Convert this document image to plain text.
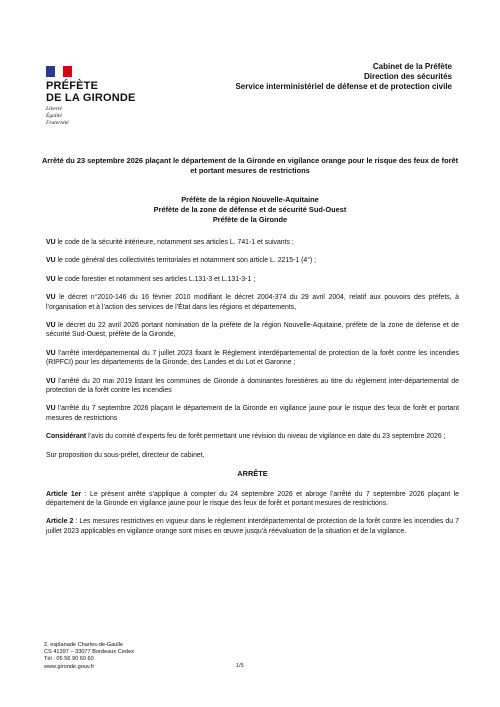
PRÉFÈTE
DE LA GIRONDE
Liberté
Égalité
Fraternité
Cabinet de la Préfète
Direction des sécurités
Service interministériel de défense et de protection civile
Arrêté du 23 septembre 2026 plaçant le département de la Gironde en vigilance orange pour le risque des feux de forêt et portant mesures de restrictions
Préfète de la région Nouvelle-Aquitaine
Préfète de la zone de défense et de sécurité Sud-Ouest
Préfète de la Gironde

VU le code de la sécurité intérieure, notamment ses articles L. 741-1 et suivants ;

VU le code général des collectivités territoriales et notamment son article L. 2215-1 (4°) ;

VU le code forestier et notamment ses articles L.131-3 et L.131-3-1 ;

VU le décret n°2010-146 du 16 février 2010 modifiant le décret 2004-374 du 29 avril 2004, relatif aux pouvoirs des préfets, à l’organisation et à l’action des services de l’État dans les régions et départements,

VU le décret du 22 avril 2026 portant nomination de la préfète de la région Nouvelle-Aquitaine, préfète de la zone de défense et de sécurité Sud-Ouest, préfète de la Gironde,

VU l’arrêté interdépartemental du 7 juillet 2023 fixant le Règlement interdépartemental de protection de la forêt contre les incendies (RIPFCI) pour les départements de la Gironde, des Landes et du Lot et Garonne ;

VU l’arrêté du 20 mai 2019 listant les communes de Gironde à dominantes forestières au titre du règlement inter-départemental de protection de la forêt contre les incendies

VU l’arrêté du 7 septembre 2026 plaçant le département de la Gironde en vigilance jaune pour le risque des feux de forêt et portant mesures de restrictions

Considérant l’avis du comité d’experts feu de forêt permettant une révision du niveau de vigilance en date du 23 septembre 2026 ;

Sur proposition du sous-préfet, directeur de cabinet,

ARRÊTE

Article 1er : Le présent arrêté s’applique à compter du 24 septembre 2026 et abroge l’arrêté du 7 septembre 2026 plaçant le département de la Gironde en vigilance jaune pour le risque des feux de forêt et portant mesures de restrictions.

Article 2 : Les mesures restrictives en vigueur dans le règlement interdépartemental de protection de la forêt contre les incendies du 7 juillet 2023 applicables en vigilance orange sont mises en œuvre jusqu’à réévaluation de la situation et de la vigilance.

2, esplanade Charles-de-Gaulle
CS 41397 – 33077 Bordeaux Cedex
Tél : 05 56 90 60 60
www.gironde.gouv.fr	1/5
